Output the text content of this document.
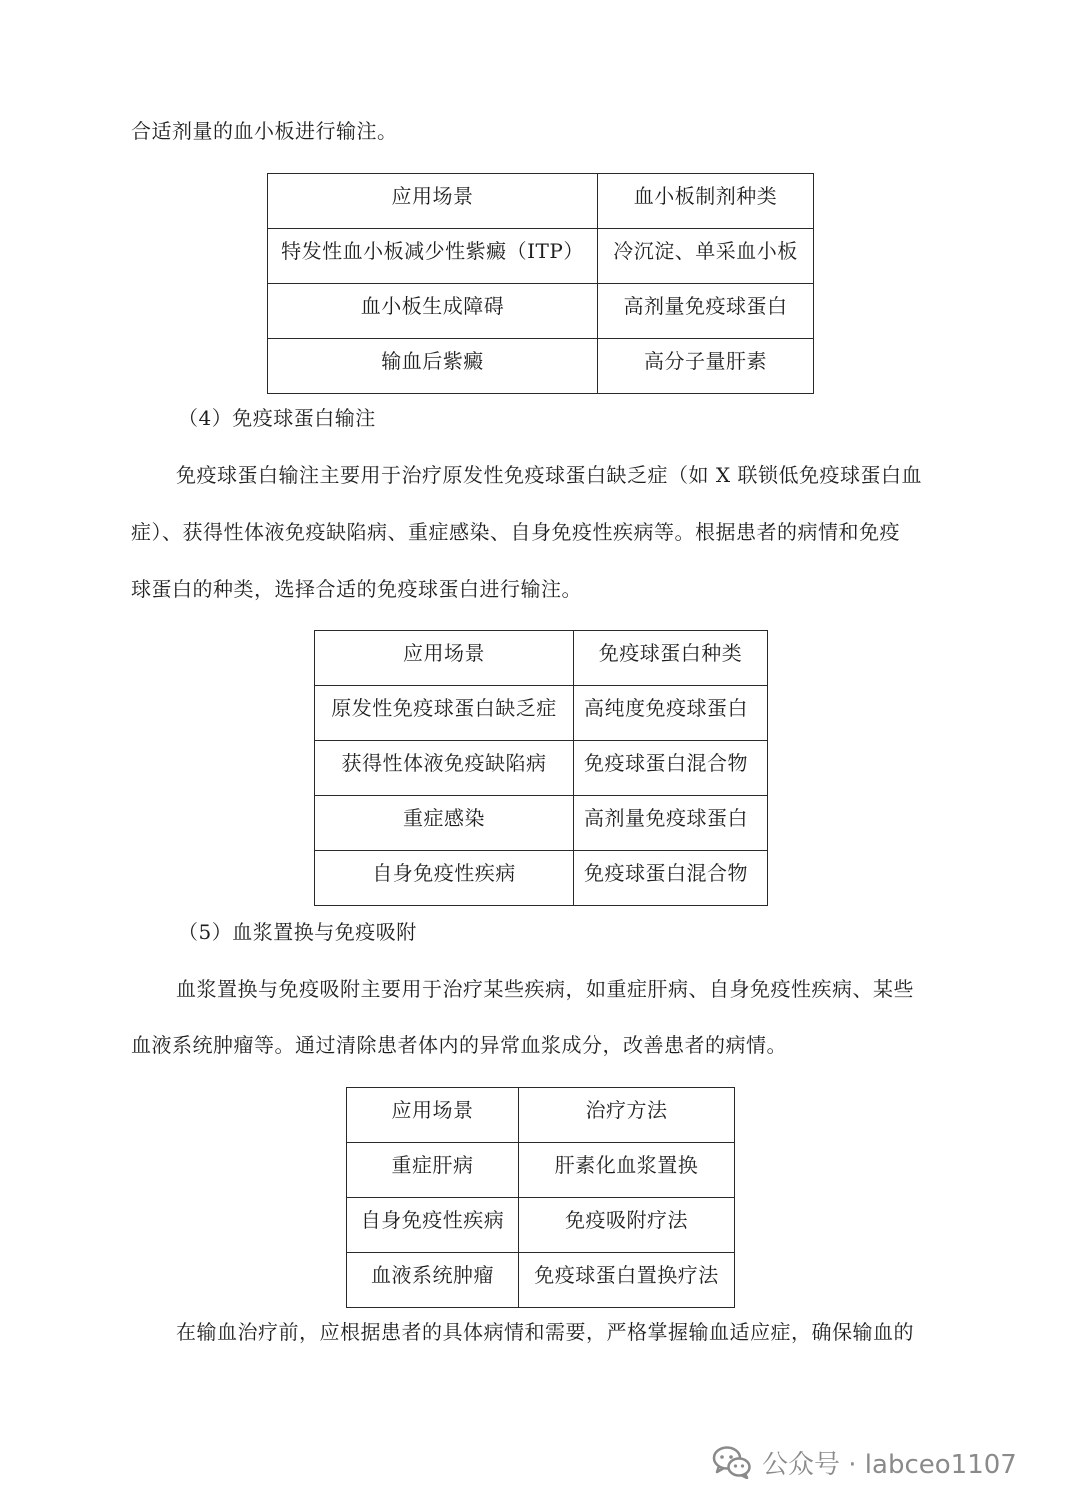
合适剂量的血小板进行输注。
应用场景	血小板制剂种类
特发性血小板减少性紫癜（ITP）	冷沉淀、单采血小板
血小板生成障碍	高剂量免疫球蛋白
输血后紫癜	高分子量肝素
（4）免疫球蛋白输注
免疫球蛋白输注主要用于治疗原发性免疫球蛋白缺乏症（如 X 联锁低免疫球蛋白血
症）、获得性体液免疫缺陷病、重症感染、自身免疫性疾病等。根据患者的病情和免疫
球蛋白的种类，选择合适的免疫球蛋白进行输注。
应用场景	免疫球蛋白种类
原发性免疫球蛋白缺乏症	高纯度免疫球蛋白
获得性体液免疫缺陷病	免疫球蛋白混合物
重症感染	高剂量免疫球蛋白
自身免疫性疾病	免疫球蛋白混合物
（5）血浆置换与免疫吸附
血浆置换与免疫吸附主要用于治疗某些疾病，如重症肝病、自身免疫性疾病、某些
血液系统肿瘤等。通过清除患者体内的异常血浆成分，改善患者的病情。
应用场景	治疗方法
重症肝病	肝素化血浆置换
自身免疫性疾病	免疫吸附疗法
血液系统肿瘤	免疫球蛋白置换疗法
在输血治疗前，应根据患者的具体病情和需要，严格掌握输血适应症，确保输血的
公众号 · labceo1107
